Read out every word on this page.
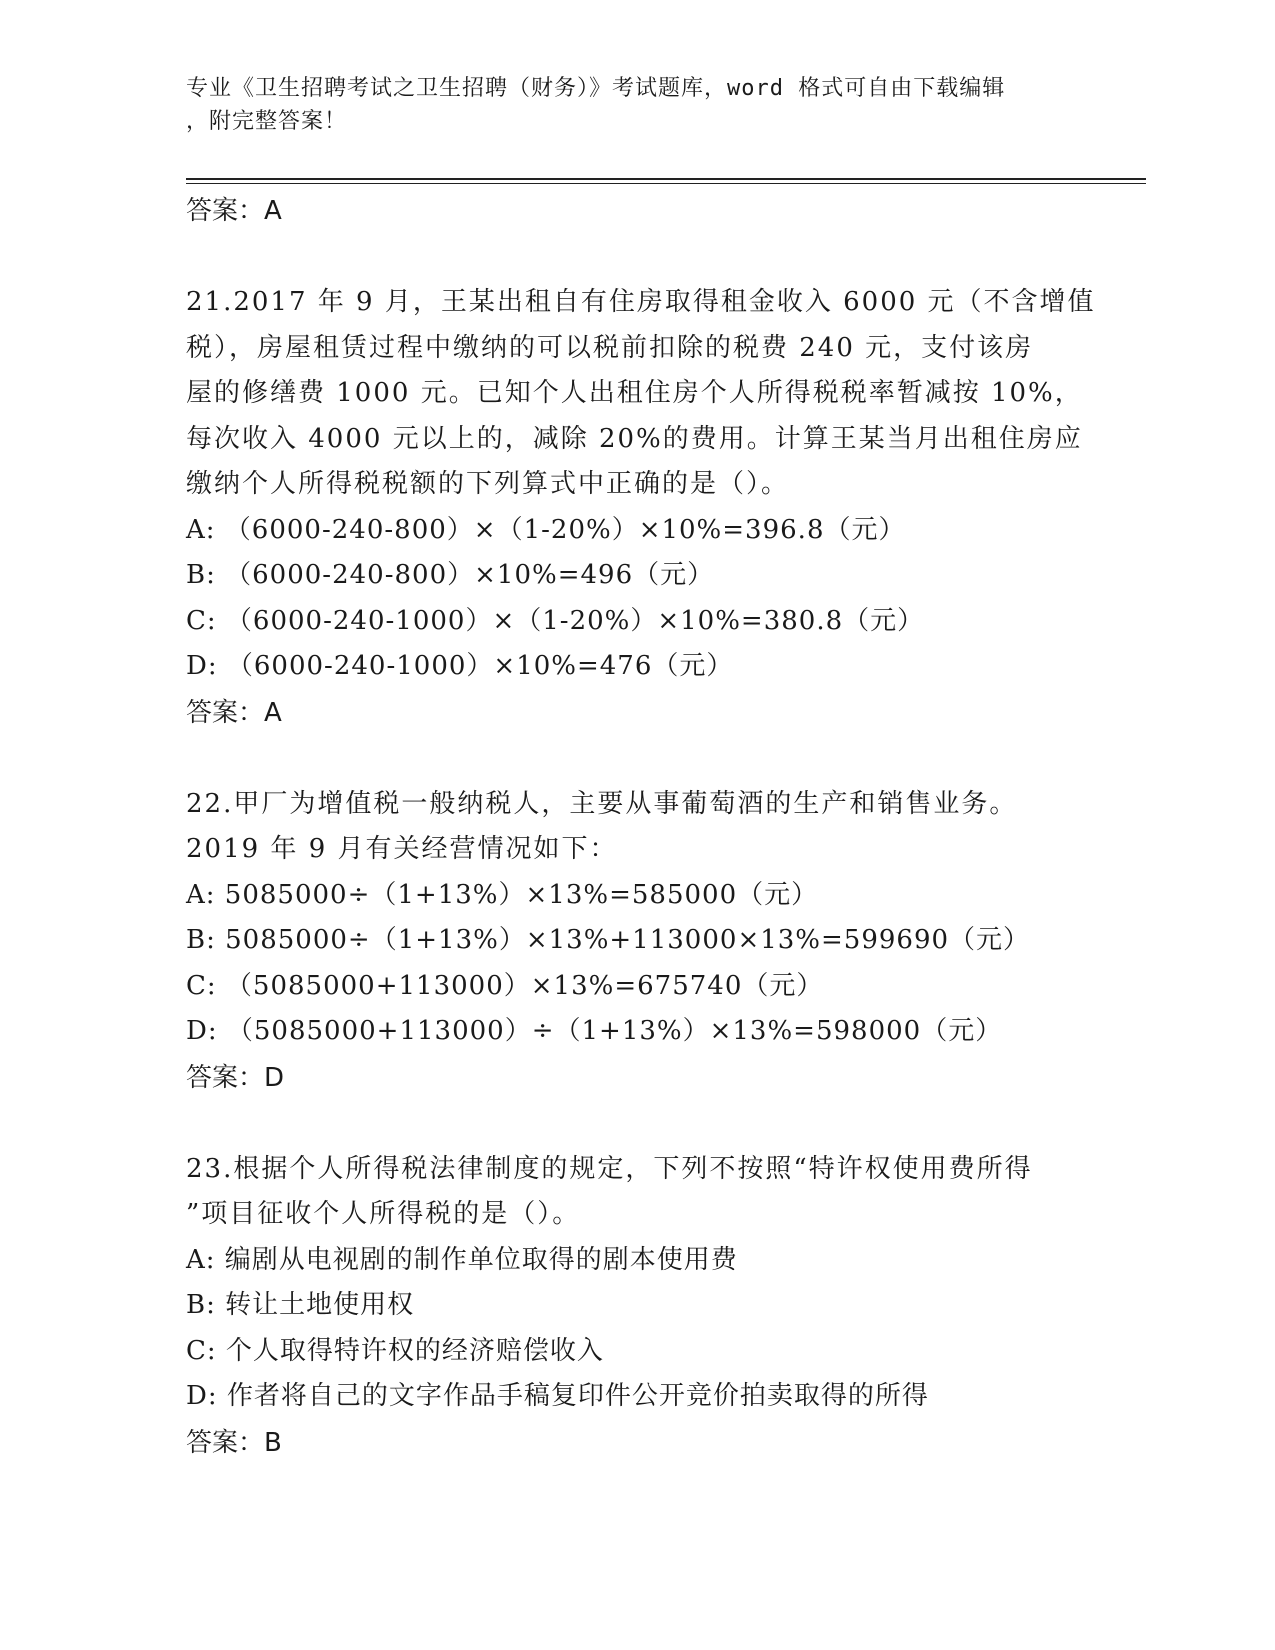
专业《卫生招聘考试之卫生招聘（财务）》考试题库，word 格式可自由下载编辑
，附完整答案！
答案：A
21.2017 年 9 月，王某出租自有住房取得租金收入 6000 元（不含增值
税），房屋租赁过程中缴纳的可以税前扣除的税费 240 元，支付该房
屋的修缮费 1000 元。已知个人出租住房个人所得税税率暂减按 10%，
每次收入 4000 元以上的，减除 20%的费用。计算王某当月出租住房应
缴纳个人所得税税额的下列算式中正确的是（）。
A: （6000-240-800）×（1-20%）×10%=396.8（元）
B: （6000-240-800）×10%=496（元）
C: （6000-240-1000）×（1-20%）×10%=380.8（元）
D: （6000-240-1000）×10%=476（元）
答案：A
22.甲厂为增值税一般纳税人，主要从事葡萄酒的生产和销售业务。
2019 年 9 月有关经营情况如下：
A: 5085000÷（1+13%）×13%=585000（元）
B: 5085000÷（1+13%）×13%+113000×13%=599690（元）
C: （5085000+113000）×13%=675740（元）
D: （5085000+113000）÷（1+13%）×13%=598000（元）
答案：D
23.根据个人所得税法律制度的规定，下列不按照“特许权使用费所得
”项目征收个人所得税的是（）。
A: 编剧从电视剧的制作单位取得的剧本使用费
B: 转让土地使用权
C: 个人取得特许权的经济赔偿收入
D: 作者将自己的文字作品手稿复印件公开竞价拍卖取得的所得
答案：B
